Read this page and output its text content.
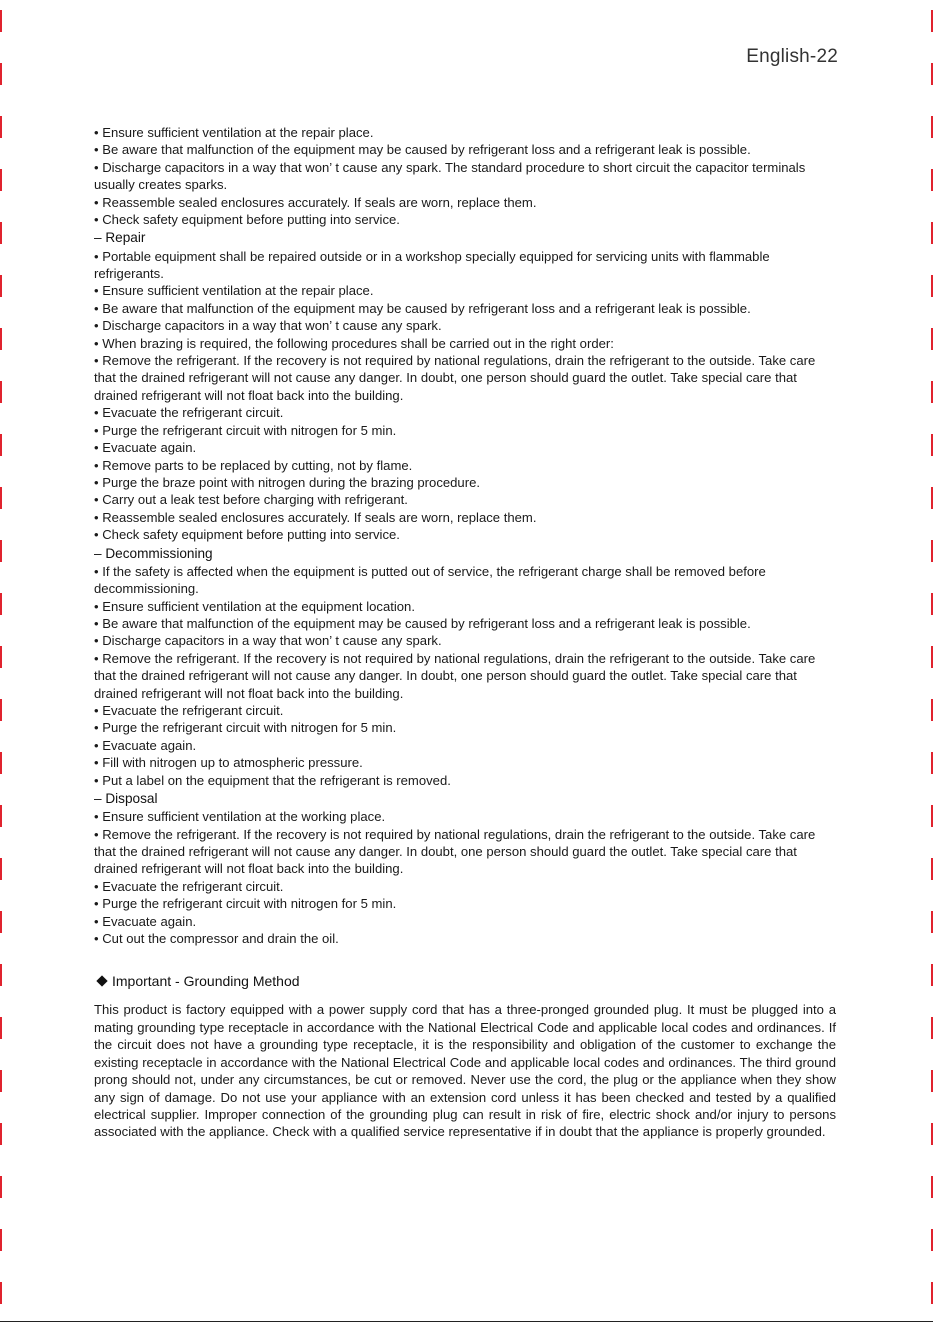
English-22
• Ensure sufficient ventilation at the repair place.
• Be aware that malfunction of the equipment may be caused by refrigerant loss and a refrigerant leak is possible.
• Discharge capacitors in a way that won’ t cause any spark. The standard procedure to short circuit the capacitor terminals usually creates sparks.
• Reassemble sealed enclosures accurately. If seals are worn, replace them.
• Check safety equipment before putting into service.
– Repair
• Portable equipment shall be repaired outside or in a workshop specially equipped for servicing units with flammable refrigerants.
• Ensure sufficient ventilation at the repair place.
• Be aware that malfunction of the equipment may be caused by refrigerant loss and a refrigerant leak is possible.
• Discharge capacitors in a way that won’ t cause any spark.
• When brazing is required, the following procedures shall be carried out in the right order:
• Remove the refrigerant. If the recovery is not required by national regulations, drain the refrigerant to the outside. Take care that the drained refrigerant will not cause any danger. In doubt, one person should guard the outlet. Take special care that drained refrigerant will not float back into the building.
• Evacuate the refrigerant circuit.
• Purge the refrigerant circuit with nitrogen for 5 min.
• Evacuate again.
• Remove parts to be replaced by cutting, not by flame.
• Purge the braze point with nitrogen during the brazing procedure.
• Carry out a leak test before charging with refrigerant.
• Reassemble sealed enclosures accurately. If seals are worn, replace them.
• Check safety equipment before putting into service.
– Decommissioning
• If the safety is affected when the equipment is putted out of service, the refrigerant charge shall be removed before decommissioning.
• Ensure sufficient ventilation at the equipment location.
• Be aware that malfunction of the equipment may be caused by refrigerant loss and a refrigerant leak is possible.
• Discharge capacitors in a way that won’ t cause any spark.
• Remove the refrigerant. If the recovery is not required by national regulations, drain the refrigerant to the outside. Take care that the drained refrigerant will not cause any danger. In doubt, one person should guard the outlet. Take special care that drained refrigerant will not float back into the building.
• Evacuate the refrigerant circuit.
• Purge the refrigerant circuit with nitrogen for 5 min.
• Evacuate again.
• Fill with nitrogen up to atmospheric pressure.
• Put a label on the equipment that the refrigerant is removed.
– Disposal
• Ensure sufficient ventilation at the working place.
• Remove the refrigerant. If the recovery is not required by national regulations, drain the refrigerant to the outside. Take care that the drained refrigerant will not cause any danger. In doubt, one person should guard the outlet. Take special care that drained refrigerant will not float back into the building.
• Evacuate the refrigerant circuit.
• Purge the refrigerant circuit with nitrogen for 5 min.
• Evacuate again.
• Cut out the compressor and drain the oil.
Important - Grounding Method
This product is factory equipped with a power supply cord that has a three-pronged grounded plug. It must be plugged into a mating grounding type receptacle in accordance with the National Electrical Code and applicable local codes and ordinances. If the circuit does not have a grounding type receptacle, it is the responsibility and obligation of the customer to exchange the existing receptacle in accordance with the National Electrical Code and applicable local codes and ordinances. The third ground prong should not, under any circumstances, be cut or removed. Never use the cord, the plug or the appliance when they show any sign of damage. Do not use your appliance with an extension cord unless it has been checked and tested by a qualified electrical supplier. Improper connection of the grounding plug can result in risk of fire, electric shock and/or injury to persons associated with the appliance. Check with a qualified service representative if in doubt that the appliance is properly grounded.
